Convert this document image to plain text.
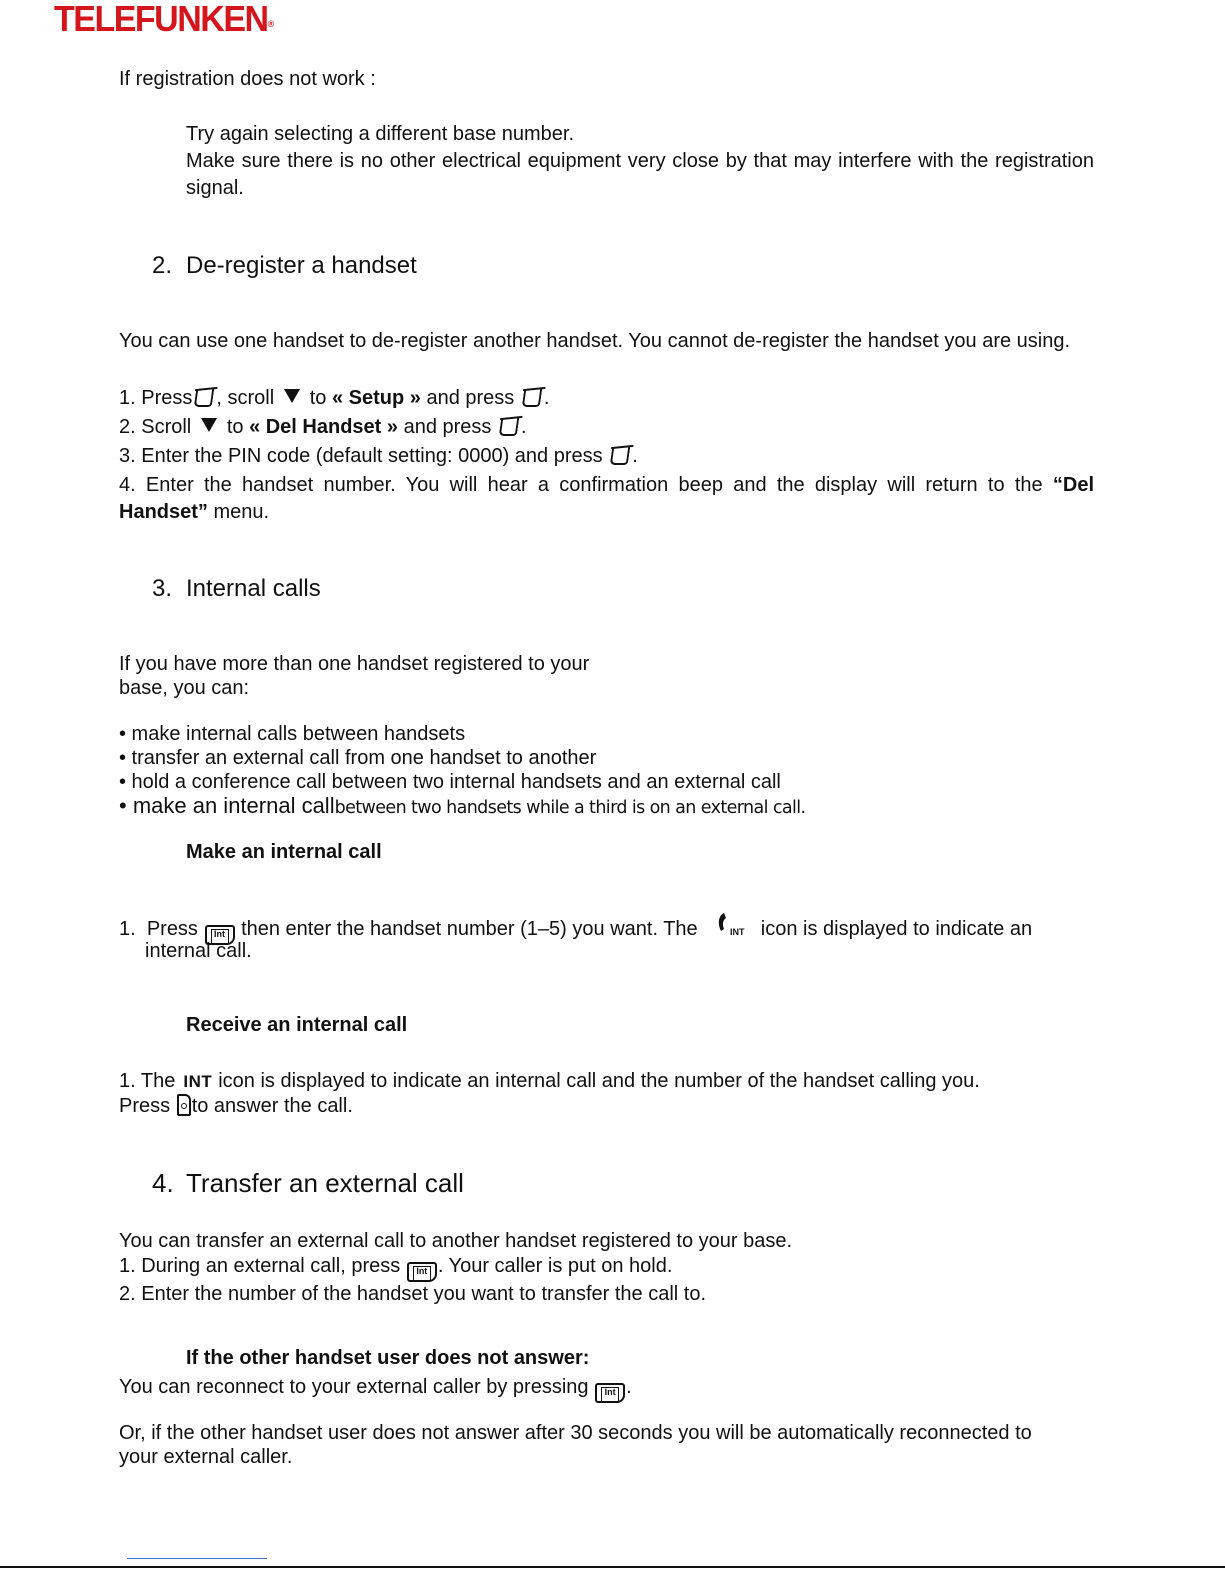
TELEFUNKEN®
If registration does not work :
Try again selecting a different base number.
Make sure there is no other electrical equipment very close by that may interfere with the registration signal.
2. De-register a handset
You can use one handset to de-register another handset. You cannot de-register the handset you are using.
1. Press , scroll to « Setup » and press .
2. Scroll to « Del Handset » and press .
3. Enter the PIN code (default setting: 0000) and press .
4. Enter the handset number. You will hear a confirmation beep and the display will return to the “Del Handset” menu.
3. Internal calls
If you have more than one handset registered to your
base, you can:
• make internal calls between handsets
• transfer an external call from one handset to another
• hold a conference call between two internal handsets and an external call
• make an internal callbetween two handsets while a third is on an external call.
Make an internal call
1. Press Int then enter the handset number (1–5) you want. The	INT icon is displayed to indicate an
internal call.
Receive an internal call
1. The INT icon is displayed to indicate an internal call and the number of the handset calling you.
Press to answer the call.
4. Transfer an external call
You can transfer an external call to another handset registered to your base.
1. During an external call, press Int . Your caller is put on hold.
2. Enter the number of the handset you want to transfer the call to.
If the other handset user does not answer:
You can reconnect to your external caller by pressing Int .
Or, if the other handset user does not answer after 30 seconds you will be automatically reconnected to
your external caller.
